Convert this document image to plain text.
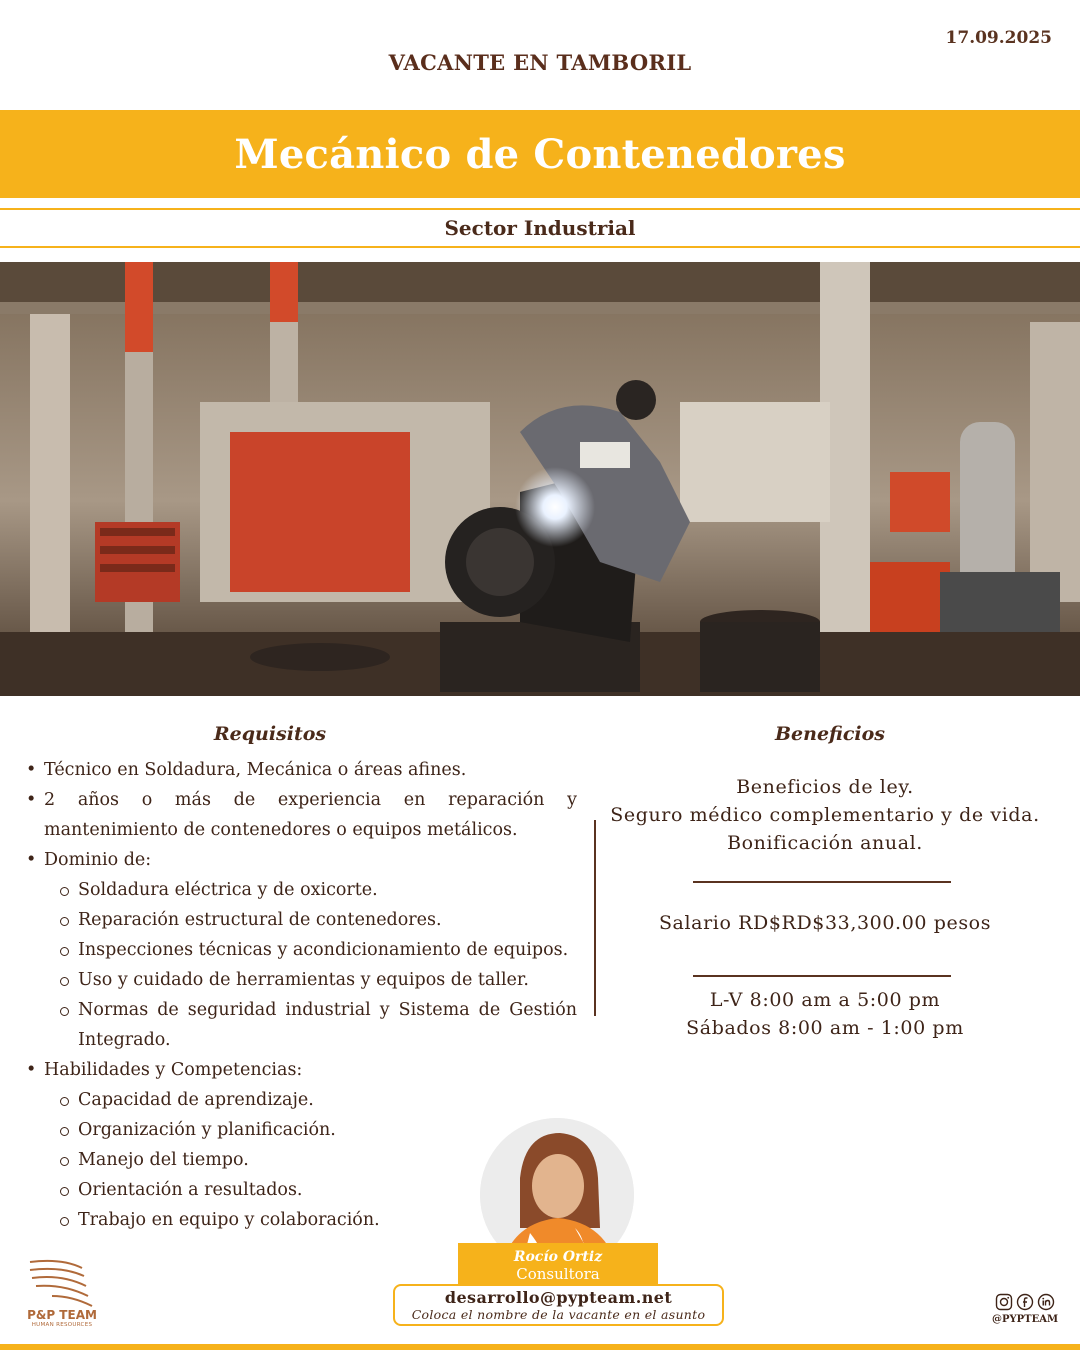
17.09.2025
VACANTE EN TAMBORIL
Mecánico de Contenedores
Sector Industrial
Requisitos
• Técnico en Soldadura, Mecánica o áreas afines.
• 2 años o más de experiencia en reparación y mantenimiento de contenedores o equipos metálicos.
• Dominio de:
Soldadura eléctrica y de oxicorte.
Reparación estructural de contenedores.
Inspecciones técnicas y acondicionamiento de equipos.
Uso y cuidado de herramientas y equipos de taller.
Normas de seguridad industrial y Sistema de Gestión Integrado.
• Habilidades y Competencias:
Capacidad de aprendizaje.
Organización y planificación.
Manejo del tiempo.
Orientación a resultados.
Trabajo en equipo y colaboración.
Beneficios
Beneficios de ley.
Seguro médico complementario y de vida.
Bonificación anual.
Salario RD$RD$33,300.00 pesos
L-V 8:00 am a 5:00 pm
Sábados 8:00 am - 1:00 pm
Rocío Ortiz
Consultora
desarrollo@pypteam.net
Coloca el nombre de la vacante en el asunto
P&P TEAM
HUMAN RESOURCES	@PYPTEAM
